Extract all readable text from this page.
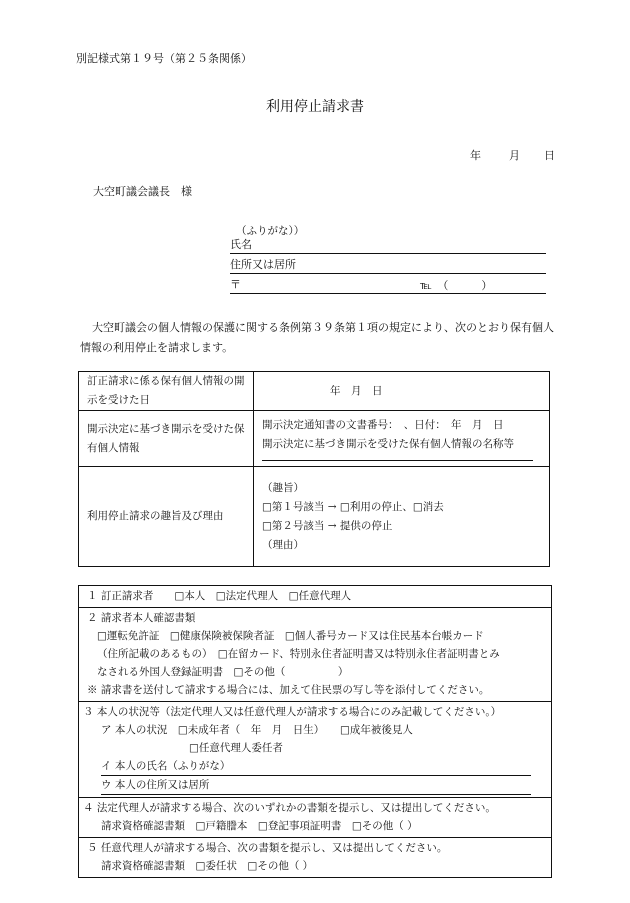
別記様式第１９号（第２５条関係）
利用停止請求書
年	月 日
大空町議会議長　様
（ふりがな））
氏名
住所又は居所
〒	℡　（　　　）
大空町議会の個人情報の保護に関する条例第３９条第１項の規定により、次のとおり保有個人情報の利用停止を請求します。
訂正請求に係る保有個人情報の開示を受けた日	年　月　日
開示決定に基づき開示を受けた保有個人情報	開示決定通知書の文書番号：　、日付：　年　月　日
開示決定に基づき開示を受けた保有個人情報の名称等

利用停止請求の趣旨及び理由	（趣旨）
□第１号該当 → □利用の停止、□消去
□第２号該当 → 提供の停止
（理由）
１ 訂正請求者　　□本人　□法定代理人　□任意代理人
２ 請求者本人確認書類
□運転免許証　□健康保険被保険者証　□個人番号カード又は住民基本台帳カード
（住所記載のあるもの）　□在留カード、特別永住者証明書又は特別永住者証明書とみ
なされる外国人登録証明書　□その他（　　　　　）
※ 請求書を送付して請求する場合には、加えて住民票の写し等を添付してください。
３ 本人の状況等（法定代理人又は任意代理人が請求する場合にのみ記載してください。）
ア 本人の状況　□未成年者（　年　月　日生）　　□成年被後見人
□任意代理人委任者
イ 本人の氏名（ふりがな）
ウ 本人の住所又は居所
４ 法定代理人が請求する場合、次のいずれかの書類を提示し、又は提出してください。
請求資格確認書類　□戸籍謄本　□登記事項証明書　□その他（ ）
５ 任意代理人が請求する場合、次の書類を提示し、又は提出してください。
請求資格確認書類　□委任状　□その他（ ）
